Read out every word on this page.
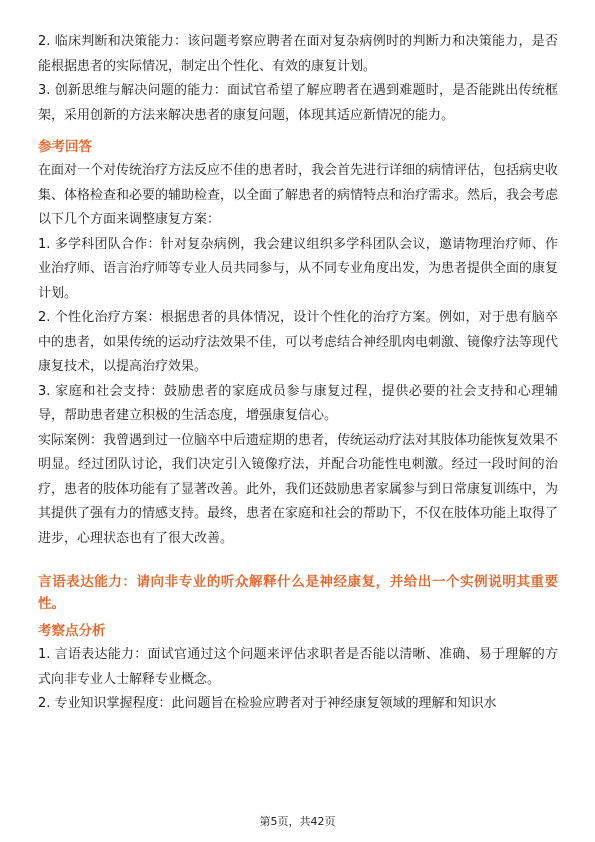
2. 临床判断和决策能力：该问题考察应聘者在面对复杂病例时的判断力和决策能力，是否能根据患者的实际情况，制定出个性化、有效的康复计划。

3. 创新思维与解决问题的能力：面试官希望了解应聘者在遇到难题时，是否能跳出传统框架，采用创新的方法来解决患者的康复问题，体现其适应新情况的能力。

参考回答

在面对一个对传统治疗方法反应不佳的患者时，我会首先进行详细的病情评估，包括病史收集、体格检查和必要的辅助检查，以全面了解患者的病情特点和治疗需求。然后，我会考虑以下几个方面来调整康复方案：

1. 多学科团队合作：针对复杂病例，我会建议组织多学科团队会议，邀请物理治疗师、作业治疗师、语言治疗师等专业人员共同参与，从不同专业角度出发，为患者提供全面的康复计划。

2. 个性化治疗方案：根据患者的具体情况，设计个性化的治疗方案。例如，对于患有脑卒中的患者，如果传统的运动疗法效果不佳，可以考虑结合神经肌肉电刺激、镜像疗法等现代康复技术，以提高治疗效果。

3. 家庭和社会支持：鼓励患者的家庭成员参与康复过程，提供必要的社会支持和心理辅导，帮助患者建立积极的生活态度，增强康复信心。

实际案例：我曾遇到过一位脑卒中后遗症期的患者，传统运动疗法对其肢体功能恢复效果不明显。经过团队讨论，我们决定引入镜像疗法，并配合功能性电刺激。经过一段时间的治疗，患者的肢体功能有了显著改善。此外，我们还鼓励患者家属参与到日常康复训练中，为其提供了强有力的情感支持。最终，患者在家庭和社会的帮助下，不仅在肢体功能上取得了进步，心理状态也有了很大改善。

言语表达能力：请向非专业的听众解释什么是神经康复，并给出一个实例说明其重要性。

考察点分析

1. 言语表达能力：面试官通过这个问题来评估求职者是否能以清晰、准确、易于理解的方式向非专业人士解释专业概念。

2. 专业知识掌握程度：此问题旨在检验应聘者对于神经康复领域的理解和知识水

第5页，共42页
